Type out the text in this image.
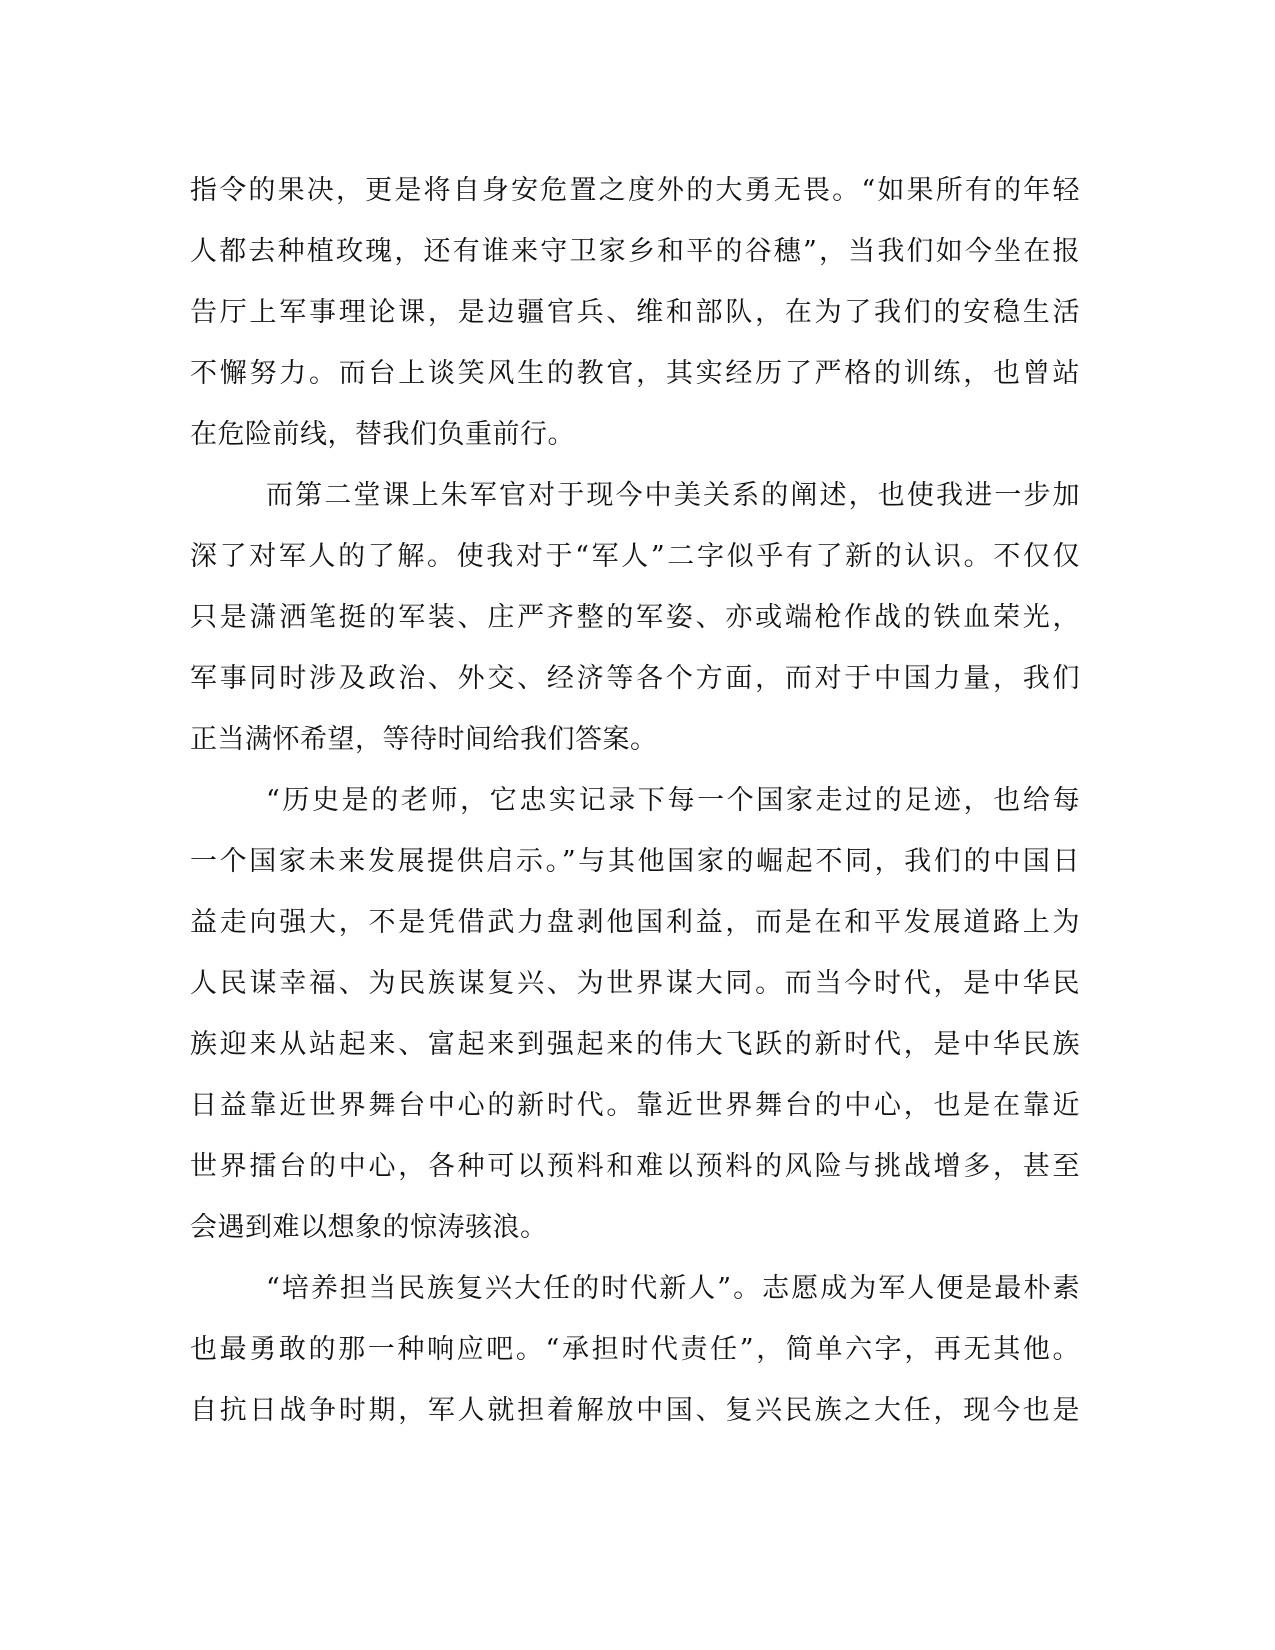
指令的果决，更是将自身安危置之度外的大勇无畏。“如果所有的年轻
人都去种植玫瑰，还有谁来守卫家乡和平的谷穗”，当我们如今坐在报
告厅上军事理论课，是边疆官兵、维和部队，在为了我们的安稳生活
不懈努力。而台上谈笑风生的教官，其实经历了严格的训练，也曾站
在危险前线，替我们负重前行。
而第二堂课上朱军官对于现今中美关系的阐述，也使我进一步加
深了对军人的了解。使我对于“军人”二字似乎有了新的认识。不仅仅
只是潇洒笔挺的军装、庄严齐整的军姿、亦或端枪作战的铁血荣光，
军事同时涉及政治、外交、经济等各个方面，而对于中国力量，我们
正当满怀希望，等待时间给我们答案。
“历史是的老师，它忠实记录下每一个国家走过的足迹，也给每
一个国家未来发展提供启示。”与其他国家的崛起不同，我们的中国日
益走向强大，不是凭借武力盘剥他国利益，而是在和平发展道路上为
人民谋幸福、为民族谋复兴、为世界谋大同。而当今时代，是中华民
族迎来从站起来、富起来到强起来的伟大飞跃的新时代，是中华民族
日益靠近世界舞台中心的新时代。靠近世界舞台的中心，也是在靠近
世界擂台的中心，各种可以预料和难以预料的风险与挑战增多，甚至
会遇到难以想象的惊涛骇浪。
“培养担当民族复兴大任的时代新人”。志愿成为军人便是最朴素
也最勇敢的那一种响应吧。“承担时代责任”，简单六字，再无其他。
自抗日战争时期，军人就担着解放中国、复兴民族之大任，现今也是
